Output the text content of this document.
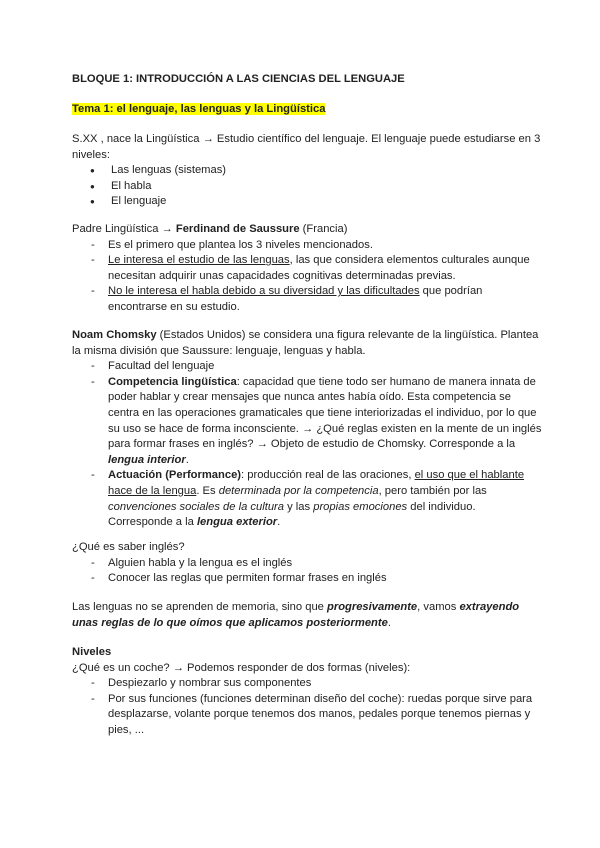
BLOQUE 1: INTRODUCCIÓN A LAS CIENCIAS DEL LENGUAJE

Tema 1: el lenguaje, las lenguas y la Lingüística

S.XX , nace la Lingüística → Estudio científico del lenguaje. El lenguaje puede estudiarse en 3 niveles:

● Las lenguas (sistemas)
● El habla
● El lenguaje

Padre Lingüística → Ferdinand de Saussure (Francia)

- Es el primero que plantea los 3 niveles mencionados.
- Le interesa el estudio de las lenguas, las que considera elementos culturales aunque necesitan adquirir unas capacidades cognitivas determinadas previas.
- No le interesa el habla debido a su diversidad y las dificultades que podrían encontrarse en su estudio.

Noam Chomsky (Estados Unidos) se considera una figura relevante de la lingüística. Plantea la misma división que Saussure: lenguaje, lenguas y habla.

- Facultad del lenguaje
- Competencia lingüística: capacidad que tiene todo ser humano de manera innata de poder hablar y crear mensajes que nunca antes había oído. Esta competencia se centra en las operaciones gramaticales que tiene interiorizadas el individuo, por lo que su uso se hace de forma inconsciente. → ¿Qué reglas existen en la mente de un inglés para formar frases en inglés? → Objeto de estudio de Chomsky. Corresponde a la lengua interior.
- Actuación (Performance): producción real de las oraciones, el uso que el hablante hace de la lengua. Es determinada por la competencia, pero también por las convenciones sociales de la cultura y las propias emociones del individuo. Corresponde a la lengua exterior.

¿Qué es saber inglés?

- Alguien habla y la lengua es el inglés
- Conocer las reglas que permiten formar frases en inglés

Las lenguas no se aprenden de memoria, sino que progresivamente, vamos extrayendo unas reglas de lo que oímos que aplicamos posteriormente.

Niveles

¿Qué es un coche? → Podemos responder de dos formas (niveles):

- Despiezarlo y nombrar sus componentes
- Por sus funciones (funciones determinan diseño del coche): ruedas porque sirve para desplazarse, volante porque tenemos dos manos, pedales porque tenemos piernas y pies, ...
